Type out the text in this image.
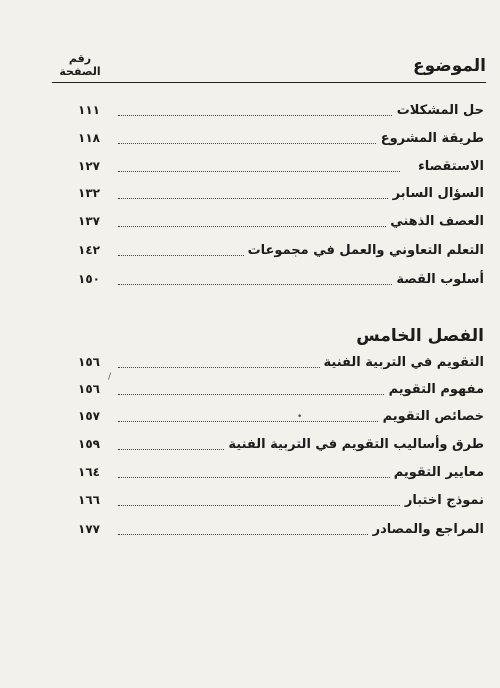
الموضوع
رقم الصفحة
حل المشكلات
١١١
طريقة المشروع
١١٨
الاستقصاء
١٢٧
السؤال السابر
١٣٢
العصف الذهني
١٣٧
التعلم التعاوني والعمل في مجموعات
١٤٢
أسلوب القصة
١٥٠
الفصل الخامس
التقويم في التربية الفنية
١٥٦
مفهوم التقويم
١٥٦
خصائص التقويم
١٥٧
طرق وأساليب التقويم في التربية الفنية
١٥٩
معايير التقويم
١٦٤
نموذج اختبار
١٦٦
المراجع والمصادر
١٧٧
/
•
